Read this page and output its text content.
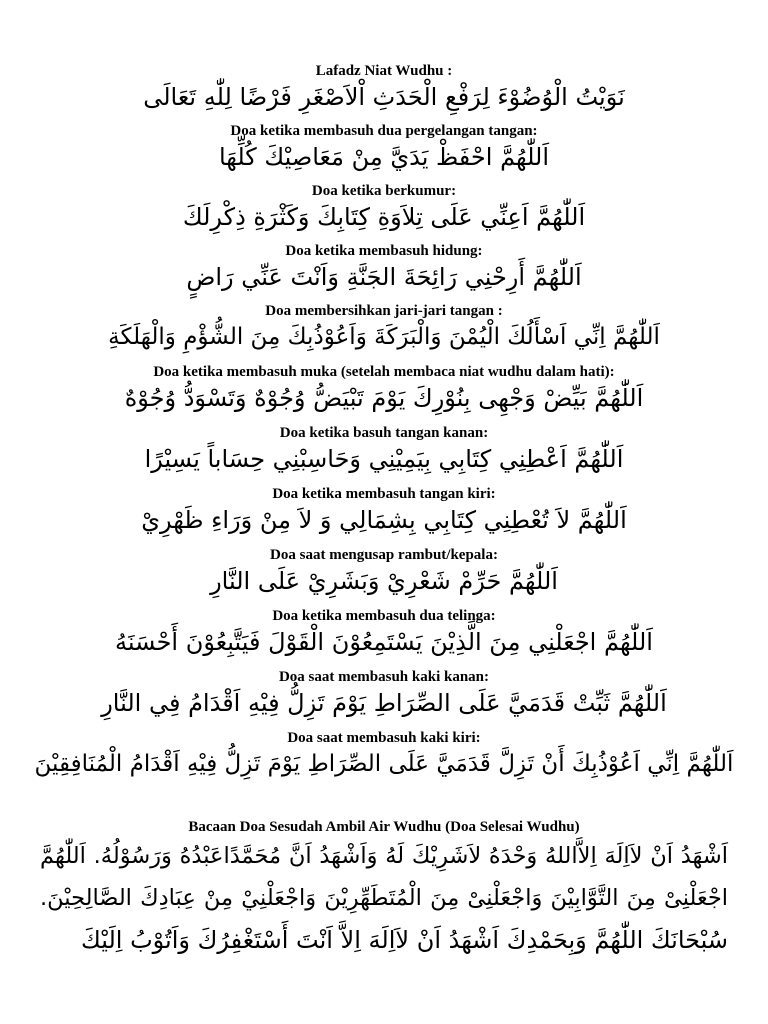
Lafadz Niat Wudhu :
نَوَيْتُ الْوُضُوْءَ لِرَفْعِ الْحَدَثِ اْلاَصْغَرِ فَرْضًا لِلّٰهِ تَعَالَى
Doa ketika membasuh dua pergelangan tangan:
اَللّٰهُمَّ احْفَظْ يَدَيَّ مِنْ مَعَاصِيْكَ كُلِّهَا
Doa ketika berkumur:
اَللّٰهُمَّ اَعِنِّي عَلَى تِلاَوَةِ كِتَابِكَ وَكَثْرَةِ ذِكْرِلَكَ
Doa ketika membasuh hidung:
اَللّٰهُمَّ أَرِحْنِي رَائِحَةَ الجَنَّةِ وَاَنْتَ عَنِّي رَاضٍ
Doa membersihkan jari-jari tangan :
اَللّٰهُمَّ اِنِّي اَسْأَلُكَ الْيُمْنَ وَالْبَرَكَةَ وَاَعُوْذُبِكَ مِنَ الشُّؤْمِ وَالْهَلَكَةِ
Doa ketika membasuh muka (setelah membaca niat wudhu dalam hati):
اَللّٰهُمَّ بَيِّضْ وَجْهِى بِنُوْرِكَ يَوْمَ تَبْيَضُّ وُجُوْهٌ وَتَسْوَدُّ وُجُوْهٌ
Doa ketika basuh tangan kanan:
اَللّٰهُمَّ اَعْطِنِي كِتَابِي بِيَمِيْنِي وَحَاسِبْنِي حِسَاباً يَسِيْرًا
Doa ketika membasuh tangan kiri:
اَللّٰهُمَّ لاَ تُعْطِنِي كِتَابِي بِشِمَالِي وَ لاَ مِنْ وَرَاءِ ظَهْرِيْ
Doa saat mengusap rambut/kepala:
اَللّٰهُمَّ حَرِّمْ شَعْرِيْ وَبَشَرِيْ عَلَى النَّارِ
Doa ketika membasuh dua telinga:
اَللّٰهُمَّ اجْعَلْنِي مِنَ الَّذِيْنَ يَسْتَمِعُوْنَ الْقَوْلَ فَيَتَّبِعُوْنَ أَحْسَنَهُ
Doa saat membasuh kaki kanan:
اَللّٰهُمَّ ثَبِّتْ قَدَمَيَّ عَلَى الصِّرَاطِ يَوْمَ تَزِلُّ فِيْهِ اَقْدَامُ فِي النَّارِ
Doa saat membasuh kaki kiri:
اَللّٰهُمَّ اِنِّي اَعُوْذُبِكَ أَنْ تَزِلَّ قَدَمَيَّ عَلَى الصِّرَاطِ يَوْمَ تَزِلُّ فِيْهِ اَقْدَامُ الْمُنَافِقِيْنَ
Bacaan Doa Sesudah Ambil Air Wudhu (Doa Selesai Wudhu)
اَشْهَدُ اَنْ لاَاِلَهَ اِلاَّاللهُ وَحْدَهُ لاَشَرِيْكَ لَهُ وَاَشْهَدُ اَنَّ مُحَمَّدًاعَبْدُهُ وَرَسُوْلُهُ. اَللّٰهُمَّ
اجْعَلْنِىْ مِنَ التَّوَّابِيْنَ وَاجْعَلْنِىْ مِنَ الْمُتَطَهِّرِيْنَ وَاجْعَلْنِيْ مِنْ عِبَادِكَ الصَّالِحِيْنَ.
سُبْحَانَكَ اللّٰهُمَّ وَبِحَمْدِكَ اَشْهَدُ اَنْ لاَاِلَهَ اِلاَّ اَنْتَ أَسْتَغْفِرُكَ وَاَتُوْبُ اِلَيْكَ
